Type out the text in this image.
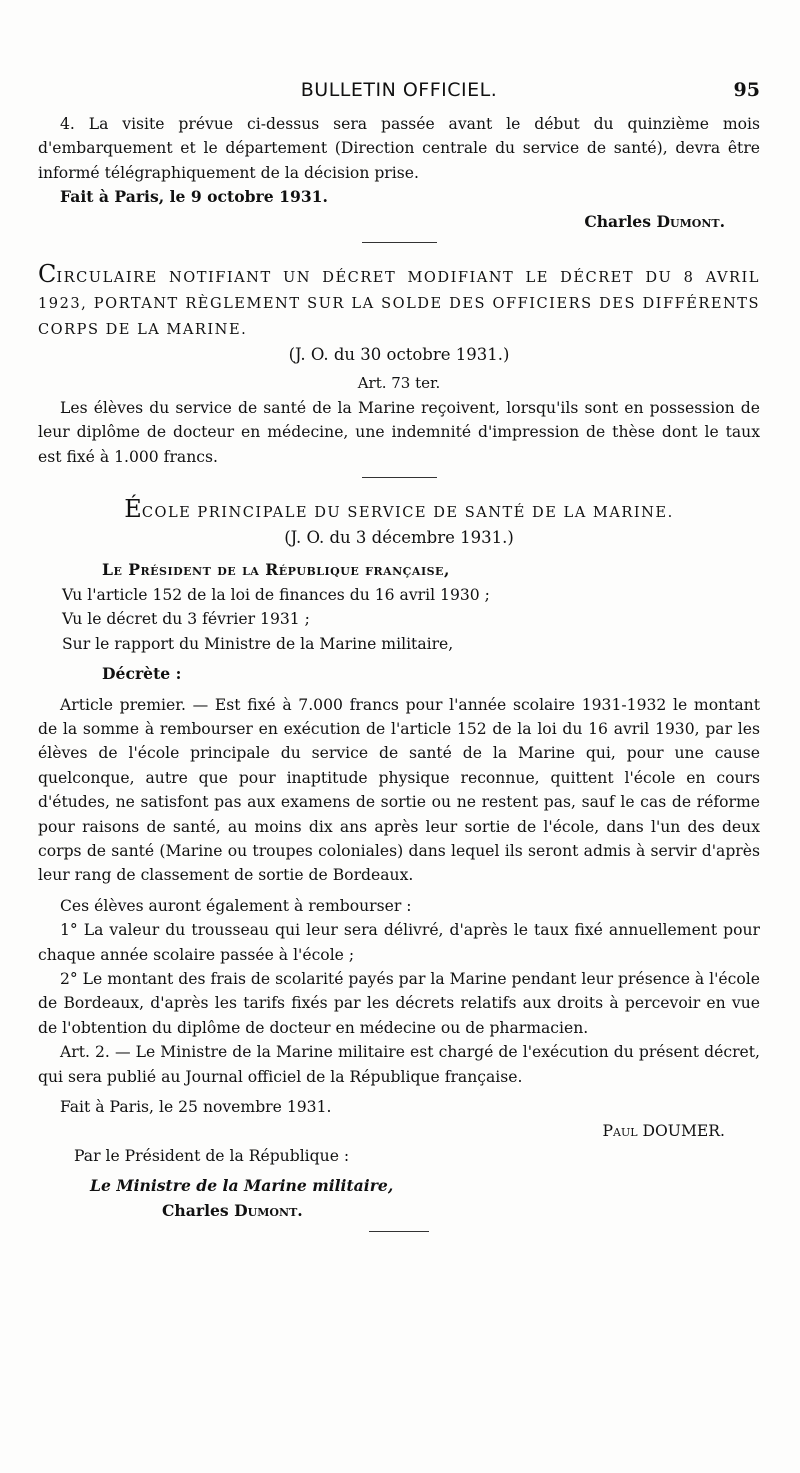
BULLETIN OFFICIEL.	95

4. La visite prévue ci-dessus sera passée avant le début du quinzième mois d'embarquement et le département (Direction centrale du service de santé), devra être informé télégraphiquement de la décision prise.

Fait à Paris, le 9 octobre 1931.

Charles Dumont.

CIRCULAIRE NOTIFIANT UN DÉCRET MODIFIANT LE DÉCRET DU 8 AVRIL 1923, PORTANT RÈGLEMENT SUR LA SOLDE DES OFFICIERS DES DIFFÉRENTS CORPS DE LA MARINE.

(J. O. du 30 octobre 1931.)

Art. 73 ter.

Les élèves du service de santé de la Marine reçoivent, lorsqu'ils sont en possession de leur diplôme de docteur en médecine, une indemnité d'impression de thèse dont le taux est fixé à 1.000 francs.

ÉCOLE PRINCIPALE DU SERVICE DE SANTÉ DE LA MARINE.

(J. O. du 3 décembre 1931.)

Le Président de la République française,

Vu l'article 152 de la loi de finances du 16 avril 1930 ;

Vu le décret du 3 février 1931 ;

Sur le rapport du Ministre de la Marine militaire,

Décrète :

Article premier. — Est fixé à 7.000 francs pour l'année scolaire 1931-1932 le montant de la somme à rembourser en exécution de l'article 152 de la loi du 16 avril 1930, par les élèves de l'école principale du service de santé de la Marine qui, pour une cause quelconque, autre que pour inaptitude physique reconnue, quittent l'école en cours d'études, ne satisfont pas aux examens de sortie ou ne restent pas, sauf le cas de réforme pour raisons de santé, au moins dix ans après leur sortie de l'école, dans l'un des deux corps de santé (Marine ou troupes coloniales) dans lequel ils seront admis à servir d'après leur rang de classement de sortie de Bordeaux.

Ces élèves auront également à rembourser :

1° La valeur du trousseau qui leur sera délivré, d'après le taux fixé annuellement pour chaque année scolaire passée à l'école ;

2° Le montant des frais de scolarité payés par la Marine pendant leur présence à l'école de Bordeaux, d'après les tarifs fixés par les décrets relatifs aux droits à percevoir en vue de l'obtention du diplôme de docteur en médecine ou de pharmacien.

Art. 2. — Le Ministre de la Marine militaire est chargé de l'exécution du présent décret, qui sera publié au Journal officiel de la République française.

Fait à Paris, le 25 novembre 1931.

Paul DOUMER.

Par le Président de la République :

Le Ministre de la Marine militaire,

Charles Dumont.
